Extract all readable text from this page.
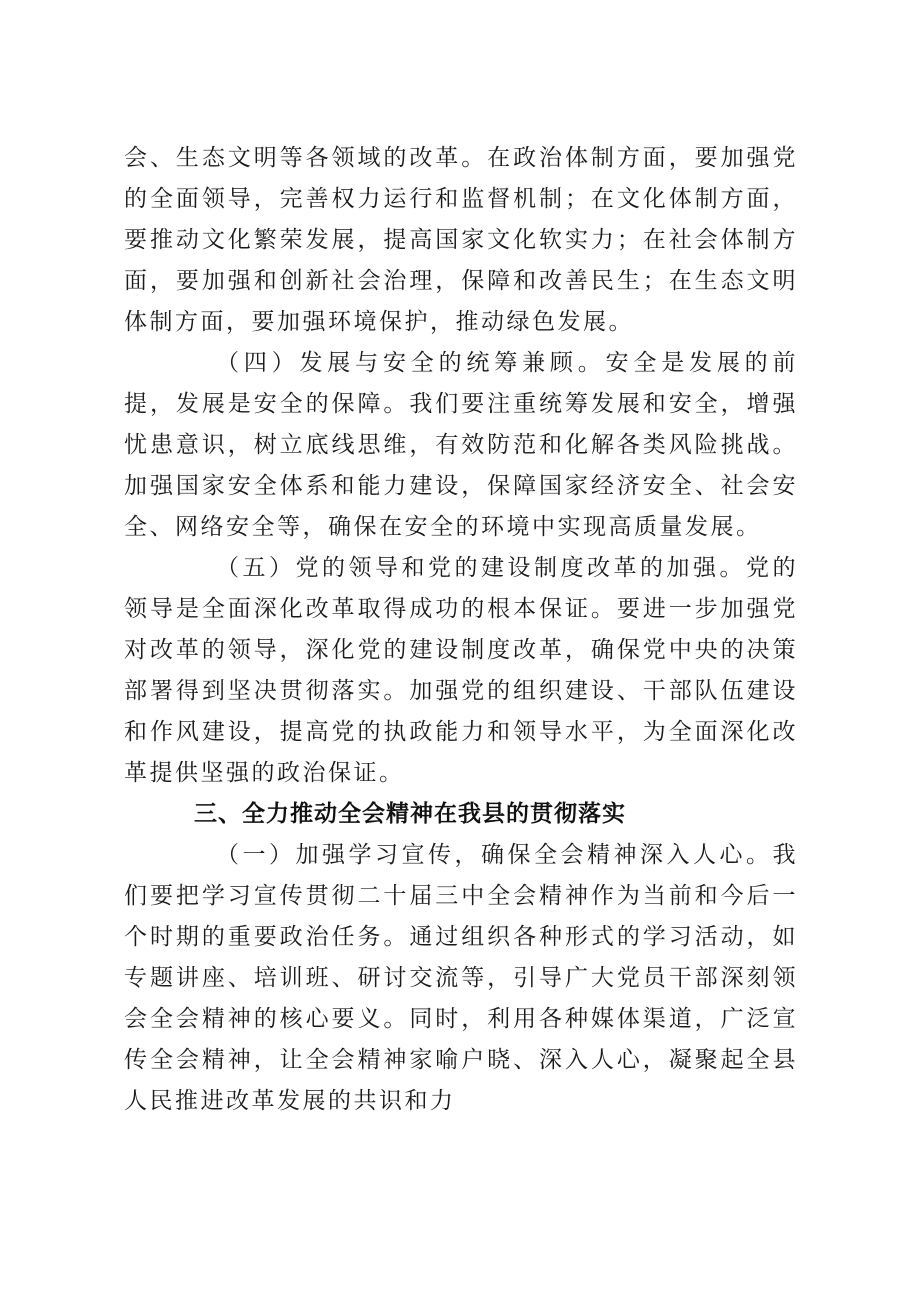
会、生态文明等各领域的改革。在政治体制方面，要加强党的全面领导，完善权力运行和监督机制；在文化体制方面，要推动文化繁荣发展，提高国家文化软实力；在社会体制方面，要加强和创新社会治理，保障和改善民生；在生态文明体制方面，要加强环境保护，推动绿色发展。

（四）发展与安全的统筹兼顾。安全是发展的前提，发展是安全的保障。我们要注重统筹发展和安全，增强忧患意识，树立底线思维，有效防范和化解各类风险挑战。加强国家安全体系和能力建设，保障国家经济安全、社会安全、网络安全等，确保在安全的环境中实现高质量发展。

（五）党的领导和党的建设制度改革的加强。党的领导是全面深化改革取得成功的根本保证。要进一步加强党对改革的领导，深化党的建设制度改革，确保党中央的决策部署得到坚决贯彻落实。加强党的组织建设、干部队伍建设和作风建设，提高党的执政能力和领导水平，为全面深化改革提供坚强的政治保证。

三、全力推动全会精神在我县的贯彻落实

（一）加强学习宣传，确保全会精神深入人心。我们要把学习宣传贯彻二十届三中全会精神作为当前和今后一个时期的重要政治任务。通过组织各种形式的学习活动，如专题讲座、培训班、研讨交流等，引导广大党员干部深刻领会全会精神的核心要义。同时，利用各种媒体渠道，广泛宣传全会精神，让全会精神家喻户晓、深入人心，凝聚起全县人民推进改革发展的共识和力
